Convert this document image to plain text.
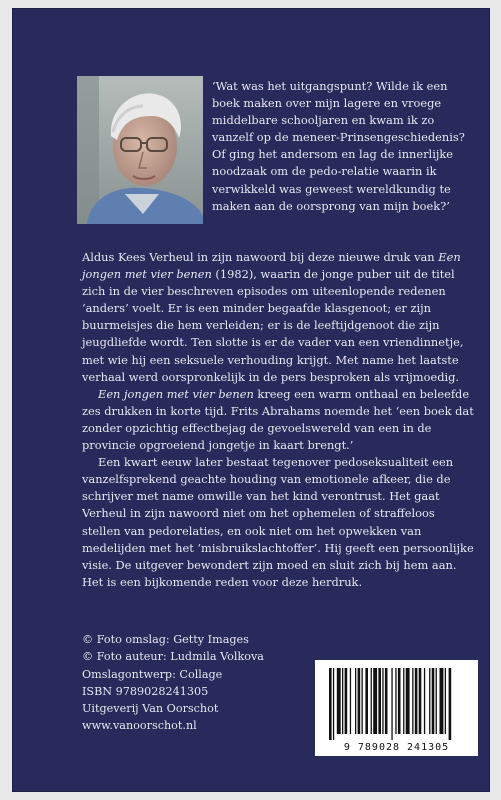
‘Wat was het uitgangspunt? Wilde ik een boek maken over mijn lagere en vroege middelbare schooljaren en kwam ik zo vanzelf op de meneer-Prinsengeschiedenis? Of ging het andersom en lag de innerlijke noodzaak om de pedo-relatie waarin ik verwikkeld was geweest wereldkundig te maken aan de oorsprong van mijn boek?’

Aldus Kees Verheul in zijn nawoord bij deze nieuwe druk van Een jongen met vier benen (1982), waarin de jonge puber uit de titel zich in de vier beschreven episodes om uiteenlopende redenen ‘anders’ voelt. Er is een minder begaafde klasgenoot; er zijn buurmeisjes die hem verleiden; er is de leeftijdgenoot die zijn jeugdliefde wordt. Ten slotte is er de vader van een vriendinnetje, met wie hij een seksuele verhouding krijgt. Met name het laatste verhaal werd oorspronkelijk in de pers besproken als vrijmoedig.

Een jongen met vier benen kreeg een warm onthaal en beleefde zes drukken in korte tijd. Frits Abrahams noemde het ‘een boek dat zonder opzichtig effectbejag de gevoelswereld van een in de provincie opgroeiend jongetje in kaart brengt.’

Een kwart eeuw later bestaat tegenover pedoseksualiteit een vanzelfsprekend geachte houding van emotionele afkeer, die de schrijver met name omwille van het kind verontrust. Het gaat Verheul in zijn nawoord niet om het ophemelen of straffeloos stellen van pedorelaties, en ook niet om het opwekken van medelijden met het ‘misbruikslachtoffer’. Hij geeft een persoonlijke visie. De uitgever bewondert zijn moed en sluit zich bij hem aan. Het is een bijkomende reden voor deze herdruk.

© Foto omslag: Getty Images
© Foto auteur: Ludmila Volkova
Omslagontwerp: Collage
ISBN 9789028241305
Uitgeverij Van Oorschot
www.vanoorschot.nl
9 789028 241305
